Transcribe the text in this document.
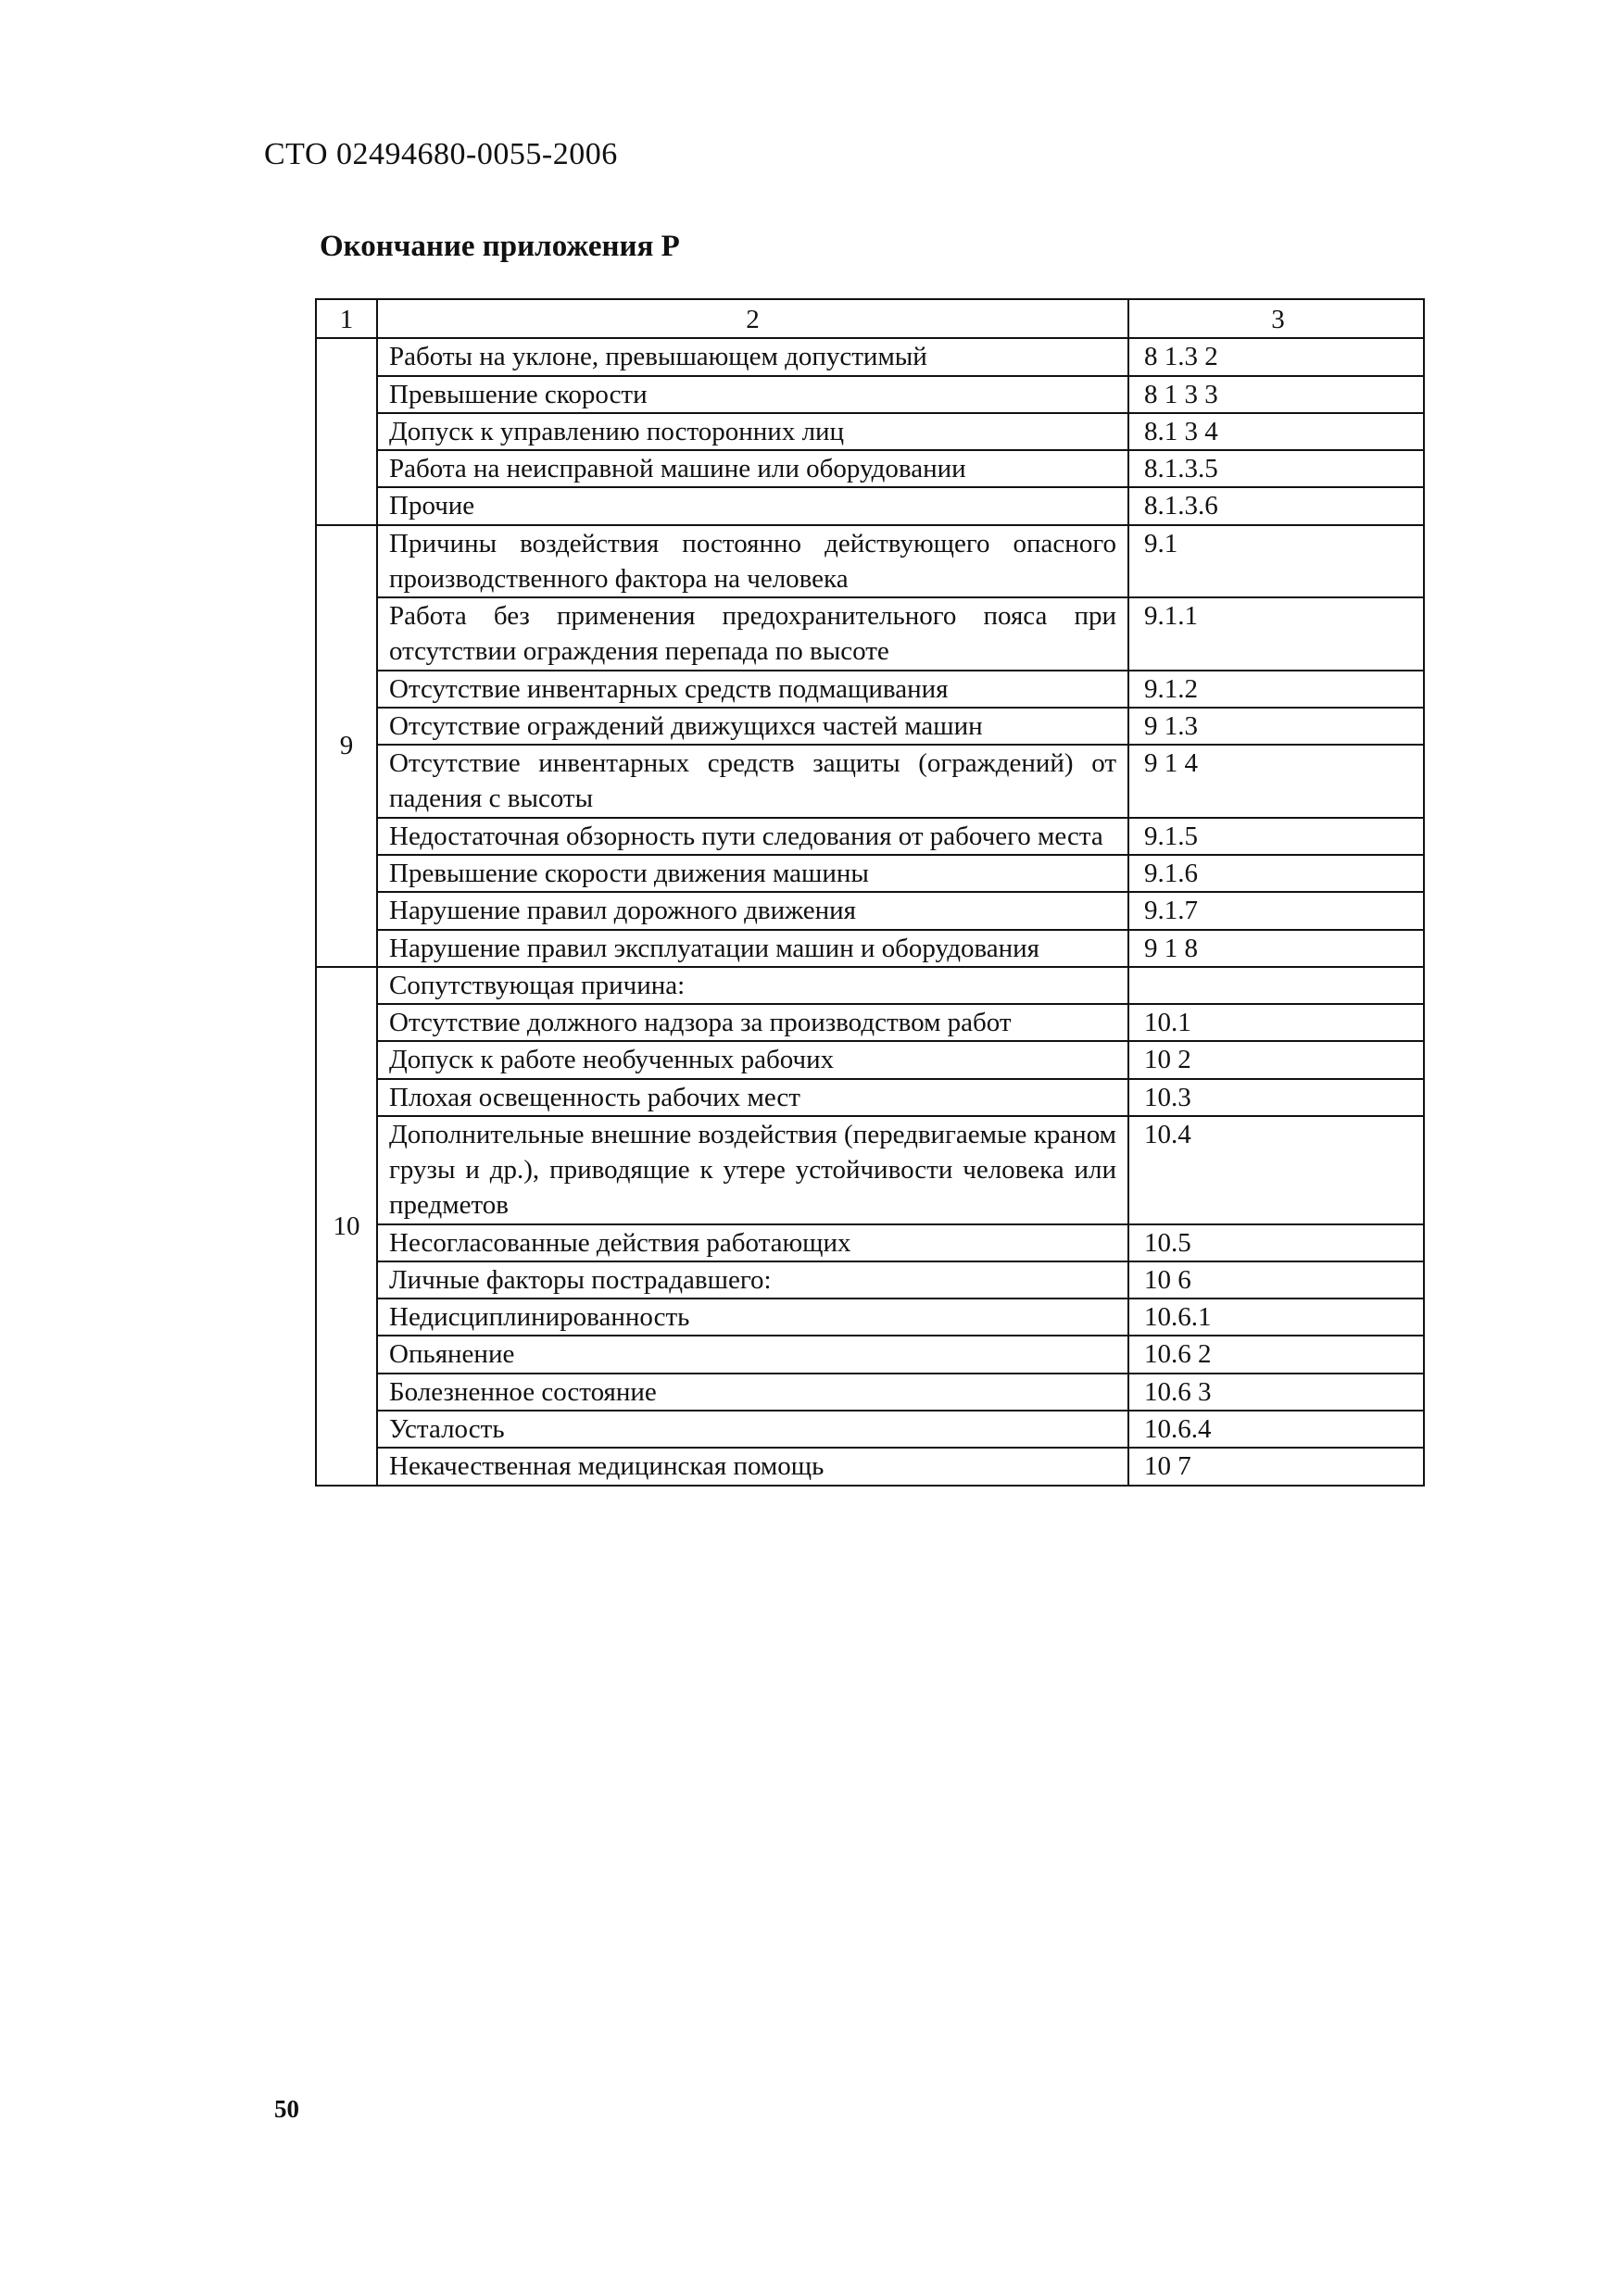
СТО 02494680-0055-2006
Окончание приложения Р
1	2	3
	Работы на уклоне, превышающем допустимый	8 1.3 2
	Превышение скорости	8 1 3 3
	Допуск к управлению посторонних лиц	8.1 3 4
	Работа на неисправной машине или оборудовании	8.1.3.5
	Прочие	8.1.3.6
9	Причины воздействия постоянно действующего опасного производственного фактора на человека	9.1
	Работа без применения предохранительного пояса при отсутствии ограждения перепада по высоте	9.1.1
	Отсутствие инвентарных средств подмащивания	9.1.2
	Отсутствие ограждений движущихся частей машин	9 1.3
	Отсутствие инвентарных средств защиты (ограждений) от падения с высоты	9 1 4
	Недостаточная обзорность пути следования от рабочего места	9.1.5
	Превышение скорости движения машины	9.1.6
	Нарушение правил дорожного движения	9.1.7
	Нарушение правил эксплуатации машин и оборудования	9 1 8
10	Сопутствующая причина:	
	Отсутствие должного надзора за производством работ	10.1
	Допуск к работе необученных рабочих	10 2
	Плохая освещенность рабочих мест	10.3
	Дополнительные внешние воздействия (передвигаемые краном грузы и др.), приводящие к утере устойчивости человека или предметов	10.4
	Несогласованные действия работающих	10.5
	Личные факторы пострадавшего:	10 6
	Недисциплинированность	10.6.1
	Опьянение	10.6 2
	Болезненное состояние	10.6 3
	Усталость	10.6.4
	Некачественная медицинская помощь	10 7
50
